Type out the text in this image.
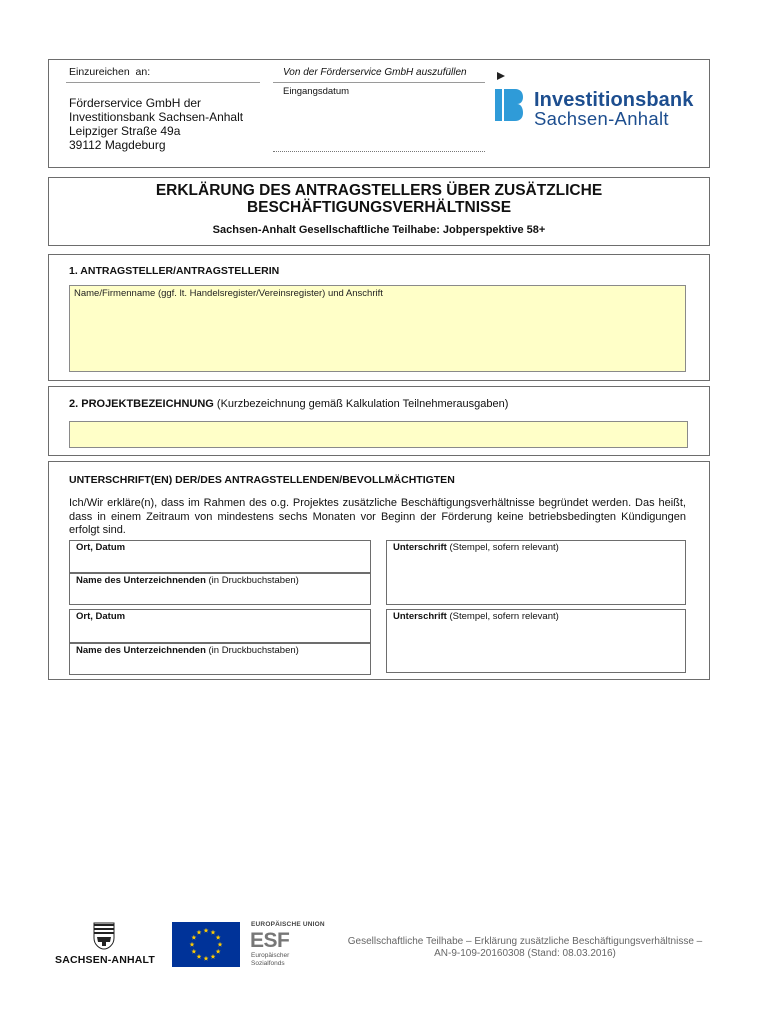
Einzureichen  an:
Förderservice GmbH der
Investitionsbank Sachsen-Anhalt
Leipziger Straße 49a
39112 Magdeburg
Von der Förderservice GmbH auszufüllen
Eingangsdatum	Investitionsbank
Sachsen-Anhalt
ERKLÄRUNG DES ANTRAGSTELLERS ÜBER ZUSÄTZLICHE
BESCHÄFTIGUNGSVERHÄLTNISSE
Sachsen-Anhalt Gesellschaftliche Teilhabe: Jobperspektive 58+
1. ANTRAGSTELLER/ANTRAGSTELLERIN
Name/Firmenname (ggf. lt. Handelsregister/Vereinsregister) und Anschrift
2. PROJEKTBEZEICHNUNG (Kurzbezeichnung gemäß Kalkulation Teilnehmerausgaben)
UNTERSCHRIFT(EN) DER/DES ANTRAGSTELLENDEN/BEVOLLMÄCHTIGTEN
Ich/Wir erkläre(n), dass im Rahmen des o.g. Projektes zusätzliche Beschäftigungsverhältnisse begründet werden. Das heißt, dass in einem Zeitraum von mindestens sechs Monaten vor Beginn der Förderung keine betriebsbedingten Kündigungen erfolgt sind.
Ort, Datum
Name des Unterzeichnenden (in Druckbuchstaben)
Unterschrift (Stempel, sofern relevant)
Ort, Datum
Name des Unterzeichnenden (in Druckbuchstaben)
Unterschrift (Stempel, sofern relevant)
SACHSEN-ANHALT
EUROPÄISCHE UNION
ESF
Europäischer
Sozialfonds
Gesellschaftliche Teilhabe – Erklärung zusätzliche Beschäftigungsverhältnisse –
AN-9-109-20160308 (Stand: 08.03.2016)
